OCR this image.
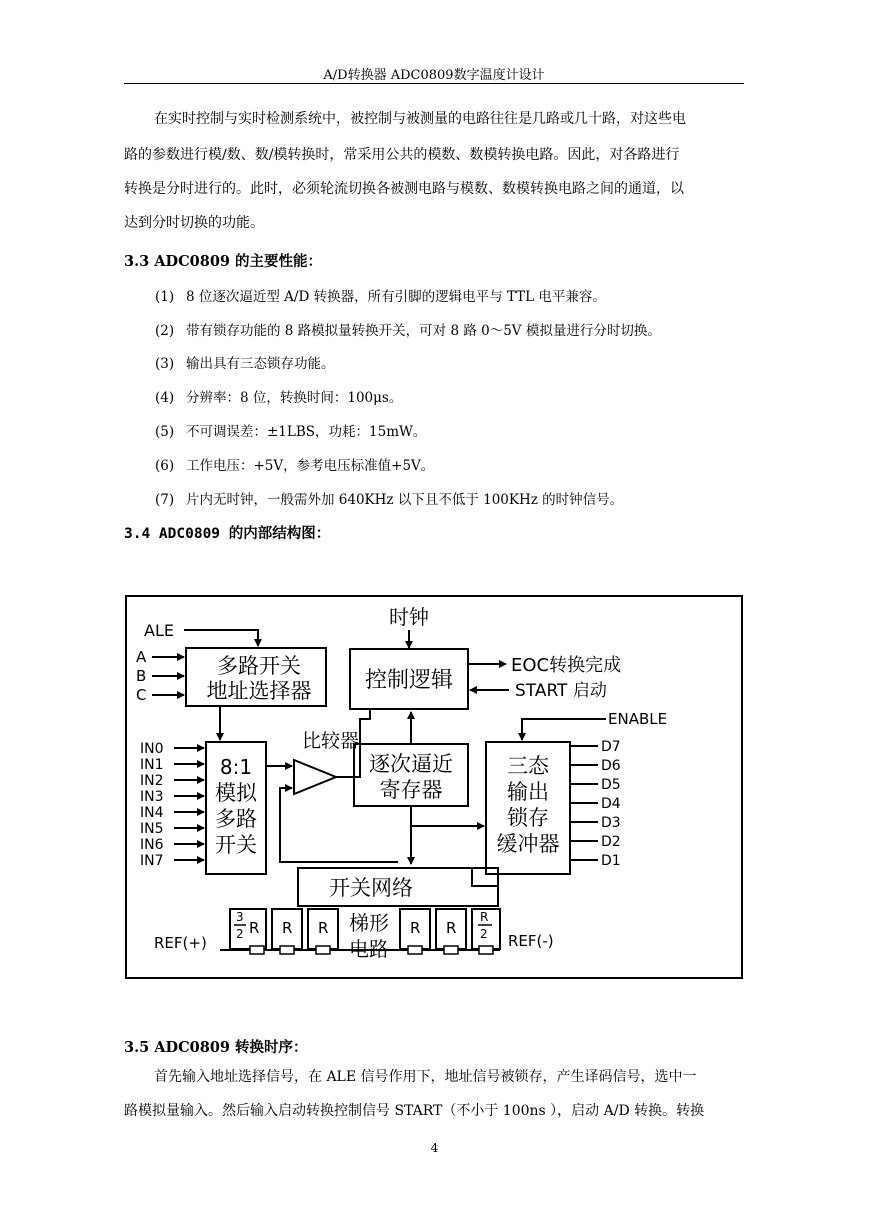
A/D转换器 ADC0809数字温度计设计
在实时控制与实时检测系统中，被控制与被测量的电路往往是几路或几十路，对这些电
路的参数进行模/数、数/模转换时，常采用公共的模数、数模转换电路。因此，对各路进行
转换是分时进行的。此时，必须轮流切换各被测电路与模数、数模转换电路之间的通道，以
达到分时切换的功能。
3.3 ADC0809 的主要性能：
(1) 8 位逐次逼近型 A/D 转换器，所有引脚的逻辑电平与 TTL 电平兼容。
(2) 带有锁存功能的 8 路模拟量转换开关，可对 8 路 0～5V 模拟量进行分时切换。
(3) 输出具有三态锁存功能。
(4) 分辨率：8 位，转换时间：100μs。
(5) 不可调误差：±1LBS，功耗：15mW。
(6) 工作电压：+5V，参考电压标准值+5V。
(7) 片内无时钟，一般需外加 640KHz 以下且不低于 100KHz 的时钟信号。
3.4 ADC0809 的内部结构图：
时钟
控制逻辑
EOC转换完成
START 启动
ALE
多路开关
地址选择器
A
B
C
8:1
模拟
多路
开关
IN0
IN1
IN2
IN3
IN4
IN5
IN6
IN7
比较器
逐次逼近
寄存器
三态
输出
锁存
缓冲器
ENABLE
D7
D6
D5
D4
D3
D2
D1
开关网络
3
2 R R R	R R
R
2
梯形
电路
REF(+)	REF(-)
3.5 ADC0809 转换时序：
首先输入地址选择信号，在 ALE 信号作用下，地址信号被锁存，产生译码信号，选中一
路模拟量输入。然后输入启动转换控制信号 START（不小于 100ns ），启动 A/D 转换。转换
4
